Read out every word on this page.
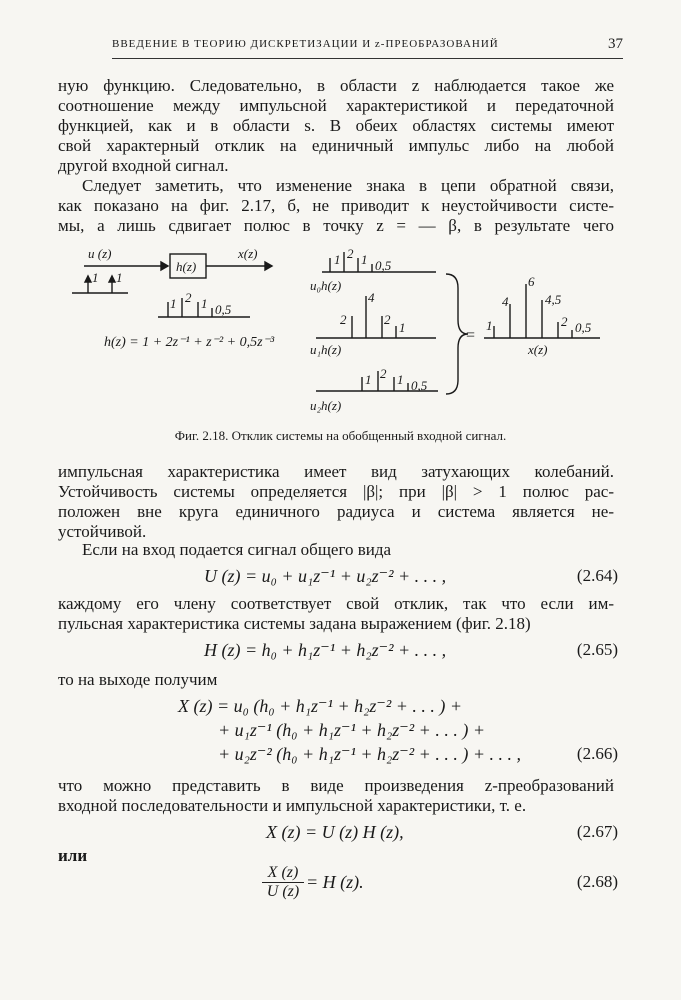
ВВЕДЕНИЕ В ТЕОРИЮ ДИСКРЕТИЗАЦИИ И z-ПРЕОБРАЗОВАНИЙ	37
ную функцию. Следовательно, в области z наблюдается такое же
соотношение между импульсной характеристикой и передаточной
функцией, как и в области s. В обеих областях системы имеют
свой характерный отклик на единичный импульс либо на любой
другой входной сигнал.
Следует заметить, что изменение знака в цепи обратной связи,
как показано на фиг. 2.17, б, не приводит к неустойчивости систе-
мы, а лишь сдвигает полюс в точку z = — β, в результате чего
u (z)
h(z)
x(z)
1 1
1 2 1 0,5
h(z) = 1 + 2z⁻¹ + z⁻² + 0,5z⁻³
1 2 1 0,5
u₀h(z)
2
4
2
1
u₁h(z)
1 2 1 0,5
u₂h(z)
=
1
4
6
4,5
2 0,5
x(z)
Фиг. 2.18. Отклик системы на обобщенный входной сигнал.
импульсная характеристика имеет вид затухающих колебаний.
Устойчивость системы определяется |β|; при |β| > 1 полюс рас-
положен вне круга единичного радиуса и система является не-
устойчивой.
Если на вход подается сигнал общего вида
U (z) = u₀ + u₁z⁻¹ + u₂z⁻² + . . . ,	(2.64)
каждому его члену соответствует свой отклик, так что если им-
пульсная характеристика системы задана выражением (фиг. 2.18)
H (z) = h₀ + h₁z⁻¹ + h₂z⁻² + . . . ,	(2.65)
то на выходе получим
X (z) = u₀ (h₀ + h₁z⁻¹ + h₂z⁻² + . . . ) +
+ u₁z⁻¹ (h₀ + h₁z⁻¹ + h₂z⁻² + . . . ) +
+ u₂z⁻² (h₀ + h₁z⁻¹ + h₂z⁻² + . . . ) + . . . ,	(2.66)
что можно представить в виде произведения z-преобразований
входной последовательности и импульсной характеристики, т. е.
X (z) = U (z) H (z),	(2.67)
или
$\frac{X (z)}{U (z)} = H$ (z).	(2.68)
